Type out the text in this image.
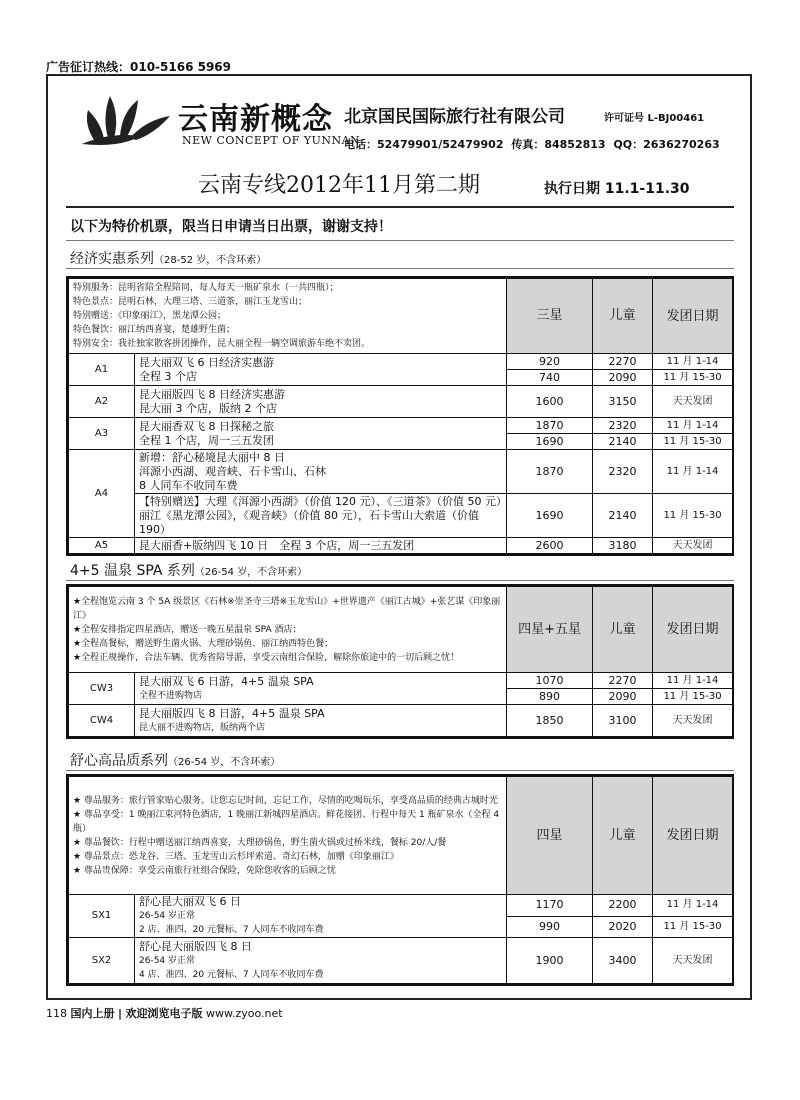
广告征订热线：010-5166 5969
云南新概念
NEW CONCEPT OF YUNNAN
北京国民国际旅行社有限公司	许可证号 L-BJ00461
电话：52479901/52479902 传真：84852813 QQ：2636270263
云南专线2012年11月第二期	执行日期 11.1-11.30
以下为特价机票，限当日申请当日出票，谢谢支持！
经济实惠系列（28-52 岁，不含环索）
特别服务：昆明省陪全程陪同，每人每天一瓶矿泉水（一共四瓶）；
特色景点：昆明石林，大理三塔、三道茶，丽江玉龙雪山；
特别赠送：《印象丽江》，黑龙潭公园；
特色餐饮：丽江纳西喜宴，楚雄野生菌；
特别安全：我社独家散客拼团操作，昆大丽全程一辆空调旅游车绝不卖团。		三星	儿童	发团日期
A1	昆大丽双飞 6 日经济实惠游
全程 3 个店	920	2270	11 月 1-14
		740	2090	11 月 15-30
A2	昆大丽版四飞 8 日经济实惠游
昆大丽 3 个店，版纳 2 个店	1600	3150	天天发团
A3	昆大丽香双飞 8 日探秘之旅
全程 1 个店，周一三五发团	1870	2320	11 月 1-14
		1690	2140	11 月 15-30
A4	新增：舒心秘境昆大丽中 8 日
洱源小西湖、观音峡、石卡雪山、石林
8 人同车不收同车费	1870	2320	11 月 1-14
	【特别赠送】大理《洱源小西湖》（价值 120 元）、《三道茶》（价值 50 元）丽江《黑龙潭公园》，《观音峡》（价值 80 元），石卡雪山大索道（价值 190）	1690	2140	11 月 15-30
A5	昆大丽香+版纳四飞 10 日　全程 3 个店，周一三五发团	2600	3180	天天发团
4+5 温泉 SPA 系列（26-54 岁，不含环索）
★全程饱览云南 3 个 5A 级景区《石林※崇圣寺三塔※玉龙雪山》+世界遗产《丽江古城》+张艺谋《印象丽江》
★全程安排指定四星酒店，赠送一晚五星温泉 SPA 酒店；
★全程高餐标，赠送野生菌火锅、大理砂锅鱼、丽江纳西特色餐；
★全程正规操作，合法车辆、优秀省陪导游，享受云南组合保险，解除你旅途中的一切后顾之忧！		四星+五星	儿童	发团日期
CW3	昆大丽双飞 6 日游，4+5 温泉 SPA
全程不进购物店	1070	2270	11 月 1-14
		890	2090	11 月 15-30
CW4	昆大丽版四飞 8 日游，4+5 温泉 SPA
昆大丽不进购物店，版纳两个店	1850	3100	天天发团
舒心高品质系列（26-54 岁，不含环索）
★ 尊品服务：旅行管家贴心服务。让您忘记时间，忘记工作，尽情的吃喝玩乐，享受高品质的经典古城时光
★ 尊品享受：1 晚丽江束河特色酒店，1 晚丽江新城四星酒店。鲜花接团、行程中每天 1 瓶矿泉水（全程 4 瓶）
★ 尊品餐饮：行程中赠送丽江纳西喜宴，大理砂锅鱼，野生菌火锅或过桥米线，餐标 20/人/餐
★ 尊品景点：恐龙谷、三塔、玉龙雪山云杉坪索道、奇幻石林，加赠《印象丽江》
★ 尊品贵保障：享受云南旅行社组合保险，免除您收客的后顾之忧		四星	儿童	发团日期
SX1	舒心昆大丽双飞 6 日
26-54 岁正常
2 店、准四、20 元餐标、7 人同车不收同车费	1170	2200	11 月 1-14
		990	2020	11 月 15-30
SX2	舒心昆大丽版四飞 8 日
26-54 岁正常
4 店、准四、20 元餐标、7 人同车不收同车费	1900	3400	天天发团
118 国内上册 | 欢迎浏览电子版 www.zyoo.net
